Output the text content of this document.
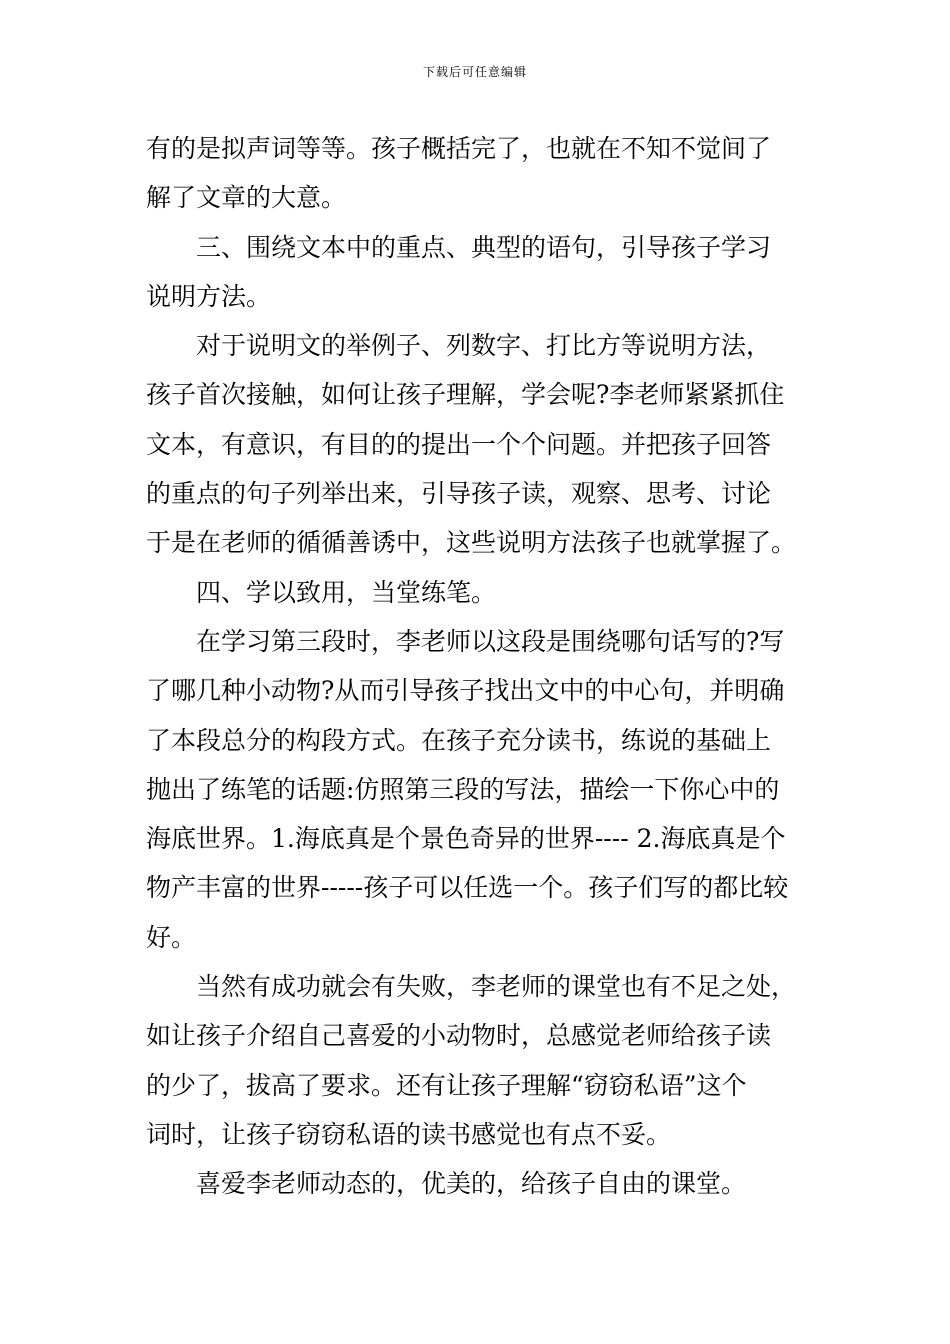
下载后可任意编辑

有的是拟声词等等。孩子概括完了，也就在不知不觉间了
解了文章的大意。

三、围绕文本中的重点、典型的语句，引导孩子学习
说明方法。

对于说明文的举例子、列数字、打比方等说明方法，
孩子首次接触，如何让孩子理解，学会呢?李老师紧紧抓住
文本，有意识，有目的的提出一个个问题。并把孩子回答
的重点的句子列举出来，引导孩子读，观察、思考、讨论
于是在老师的循循善诱中，这些说明方法孩子也就掌握了。

四、学以致用，当堂练笔。

在学习第三段时，李老师以这段是围绕哪句话写的?写
了哪几种小动物?从而引导孩子找出文中的中心句，并明确
了本段总分的构段方式。在孩子充分读书，练说的基础上
抛出了练笔的话题:仿照第三段的写法，描绘一下你心中的
海底世界。1.海底真是个景色奇异的世界---- 2.海底真是个
物产丰富的世界-----孩子可以任选一个。孩子们写的都比较
好。

当然有成功就会有失败，李老师的课堂也有不足之处，
如让孩子介绍自己喜爱的小动物时，总感觉老师给孩子读
的少了，拔高了要求。还有让孩子理解“窃窃私语”这个
词时，让孩子窃窃私语的读书感觉也有点不妥。

喜爱李老师动态的，优美的，给孩子自由的课堂。
